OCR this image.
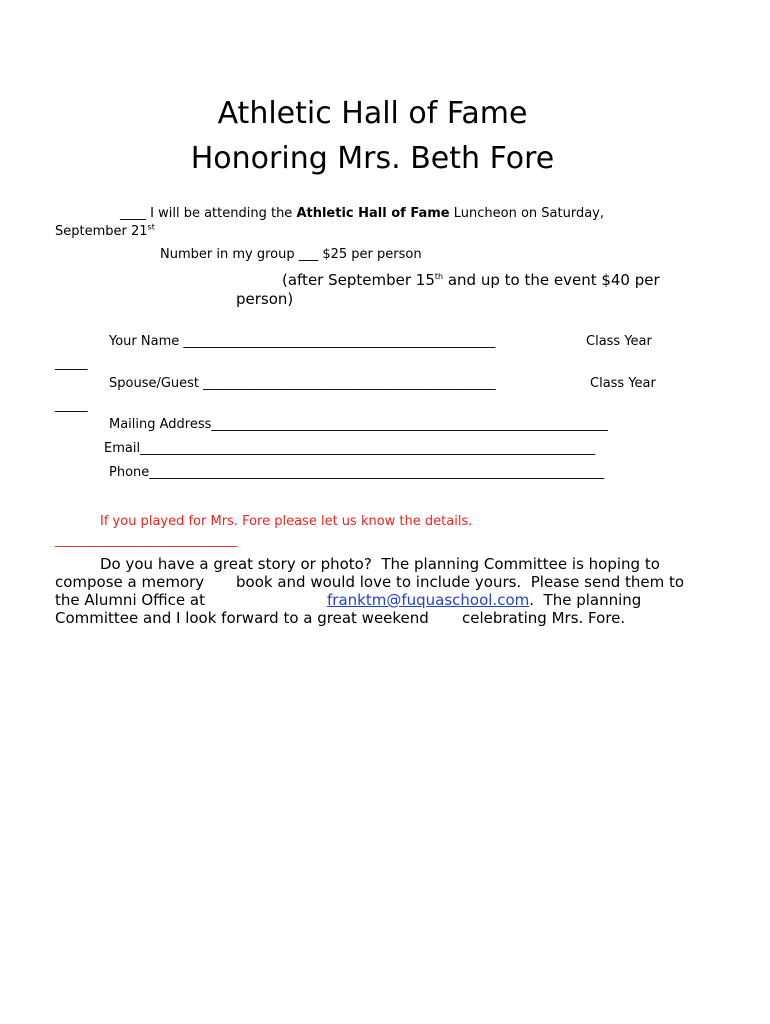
Athletic Hall of Fame
Honoring Mrs. Beth Fore
____ I will be attending the Athletic Hall of Fame Luncheon on Saturday,
September 21st
Number in my group ___ $25 per person
(after September 15th and up to the event $40 per
person)
Your Name ________________________________________________	Class Year
_____
Spouse/Guest _____________________________________________	Class Year
_____
Mailing Address_____________________________________________________________
Email______________________________________________________________________
Phone______________________________________________________________________
If you played for Mrs. Fore please let us know the details.
____________________________
Do you have a great story or photo?  The planning Committee is hoping to
compose a memory book and would love to include yours.  Please send them to
the Alumni Office at	franktm@fuquaschool.com.  The planning
Committee and I look forward to a great weekend celebrating Mrs. Fore.
